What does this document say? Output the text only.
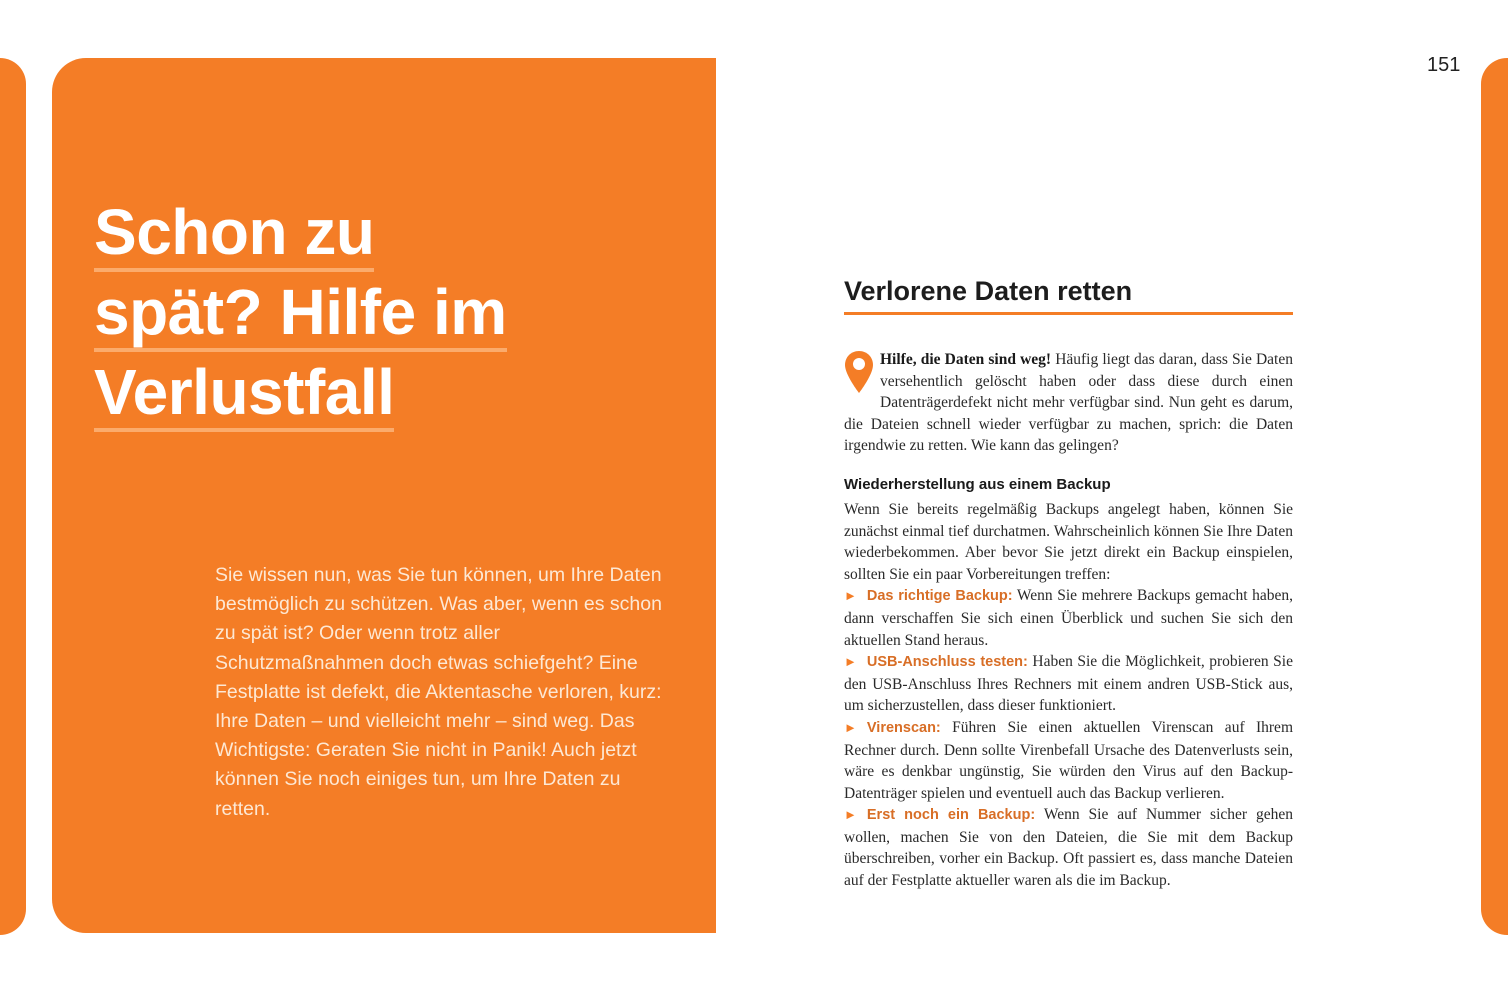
Schon zu
spät? Hilfe im
Verlustfall

Sie wissen nun, was Sie tun können, um Ihre Daten bestmöglich zu schützen. Was aber, wenn es schon zu spät ist? Oder wenn trotz aller Schutzmaßnahmen doch etwas schiefgeht? Eine Festplatte ist defekt, die Aktentasche verloren, kurz: Ihre Daten – und vielleicht mehr – sind weg. Das Wichtigste: Geraten Sie nicht in Panik! Auch jetzt können Sie noch einiges tun, um Ihre Daten zu retten.

151
Verlorene Daten retten
Hilfe, die Daten sind weg! Häufig liegt das daran, dass Sie Daten versehentlich gelöscht haben oder dass diese durch einen Datenträgerdefekt nicht mehr verfügbar sind. Nun geht es darum, die Dateien schnell wieder verfügbar zu machen, sprich: die Daten irgendwie zu retten. Wie kann das gelingen?
Wiederherstellung aus einem Backup
Wenn Sie bereits regelmäßig Backups angelegt haben, können Sie zunächst einmal tief durchatmen. Wahrscheinlich können Sie Ihre Daten wiederbekommen. Aber bevor Sie jetzt direkt ein Backup einspielen, sollten Sie ein paar Vorbereitungen treffen:
► Das richtige Backup: Wenn Sie mehrere Backups gemacht haben, dann verschaffen Sie sich einen Überblick und suchen Sie sich den aktuellen Stand heraus.
► USB-Anschluss testen: Haben Sie die Möglichkeit, probieren Sie den USB-Anschluss Ihres Rechners mit einem andren USB-Stick aus, um sicherzustellen, dass dieser funktioniert.
► Virenscan: Führen Sie einen aktuellen Virenscan auf Ihrem Rechner durch. Denn sollte Virenbefall Ursache des Datenverlusts sein, wäre es denkbar ungünstig, Sie würden den Virus auf den Backup-Datenträger spielen und eventuell auch das Backup verlieren.
► Erst noch ein Backup: Wenn Sie auf Nummer sicher gehen wollen, machen Sie von den Dateien, die Sie mit dem Backup überschreiben, vorher ein Backup. Oft passiert es, dass manche Dateien auf der Festplatte aktueller waren als die im Backup.
